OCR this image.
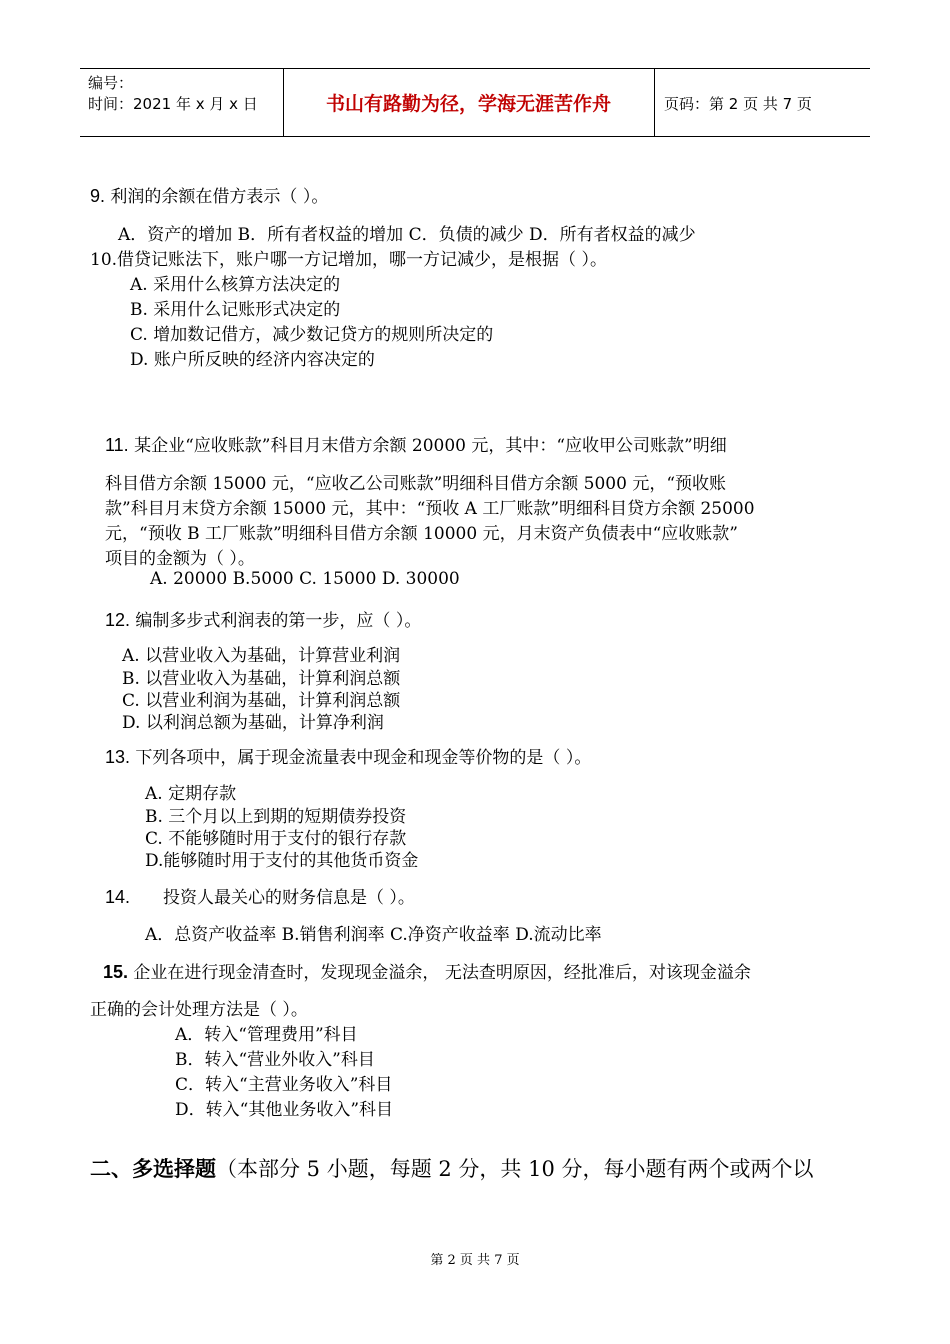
编号：
时间：2021 年 x 月 x 日	书山有路勤为径，学海无涯苦作舟	页码：第 2 页 共 7 页
9. 利润的余额在借方表示（ ）。
A．资产的增加 B．所有者权益的增加 C．负债的减少 D．所有者权益的减少
10.借贷记账法下，账户哪一方记增加，哪一方记减少，是根据（ ）。
A. 采用什么核算方法决定的
B. 采用什么记账形式决定的
C. 增加数记借方，减少数记贷方的规则所决定的
D. 账户所反映的经济内容决定的
11. 某企业“应收账款”科目月末借方余额 20000 元，其中：“应收甲公司账款”明细
科目借方余额 15000 元，“应收乙公司账款”明细科目借方余额 5000 元，“预收账
款”科目月末贷方余额 15000 元，其中：“预收 A 工厂账款”明细科目贷方余额 25000
元，“预收 B 工厂账款”明细科目借方余额 10000 元，月末资产负债表中“应收账款”
项目的金额为（ ）。
A. 20000 B.5000 C. 15000 D. 30000
12. 编制多步式利润表的第一步，应（ ）。
A. 以营业收入为基础，计算营业利润
B. 以营业收入为基础，计算利润总额
C. 以营业利润为基础，计算利润总额
D. 以利润总额为基础，计算净利润
13. 下列各项中，属于现金流量表中现金和现金等价物的是（ ）。
A. 定期存款
B. 三个月以上到期的短期债券投资
C. 不能够随时用于支付的银行存款
D.能够随时用于支付的其他货币资金
14. 投资人最关心的财务信息是（ ）。
A．总资产收益率 B.销售利润率 C.净资产收益率 D.流动比率
15. 企业在进行现金清查时，发现现金溢余， 无法查明原因，经批准后，对该现金溢余
正确的会计处理方法是（ ）。
A．转入“管理费用”科目
B．转入“营业外收入”科目
C．转入“主营业务收入”科目
D．转入“其他业务收入”科目
二、多选择题（本部分 5 小题，每题 2 分，共 10 分，每小题有两个或两个以
第 2 页 共 7 页
